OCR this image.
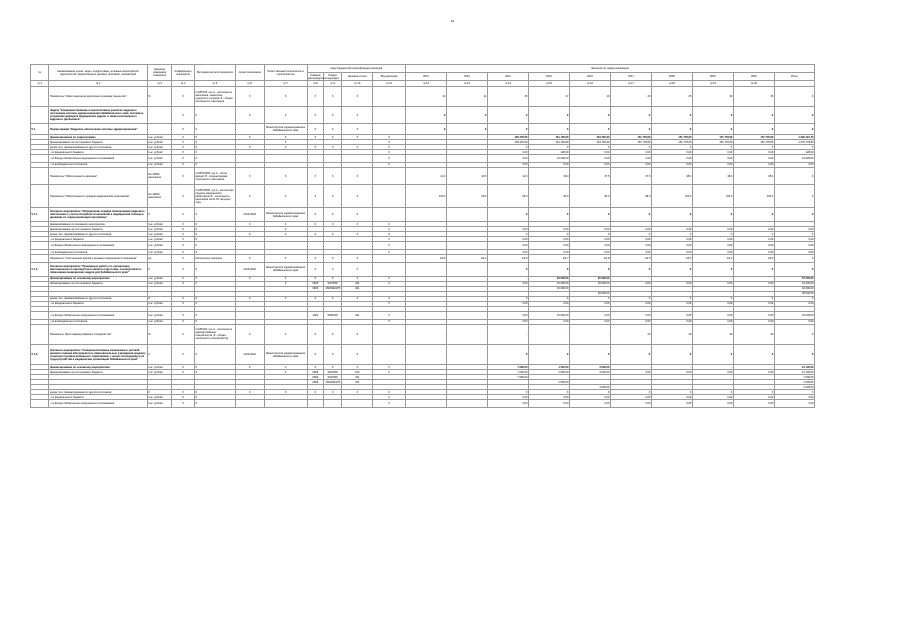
22
№	Наименование целей, задач, подпрограмм, основных мероприятий, мероприятий, ведомственных целевых программ, показателей	Единица измерения показателя	Коэффициент значимости	Методика расчета показателя	Сроки реализации	Ответственный исполнитель и соисполнитель	Коды бюджетной классификации расходов				Значения по годам реализации									
							Главный распорядитель	Раздел подраздел	Целевая статья	Вид расходов	2012	2013	2014	2015	2016	2017	2018	2019	2020	Итого

гр.1	гр.2	гр.3	гр.4	гр.5	гр.6	гр.7	гр.8	гр.9	гр.10	гр.11	гр.12	гр.13	гр.14	гр.15	гр.16	гр.17	гр.18	гр.19	гр.20	
	Показатель "Охват санаторно-курортным лечением пациентов"	%	Х	t=A/B*100, где A - численность населения, санаторно-курортного лечения, В - общая численность населения	Х	Х	Х	Х	Х		10	11	15	17	19	20	25	30	45	Х
	Задача "Совершенствование и перспективное развитие кадрового потенциала системы здравоохранения Забайкальского края, поэтапное устранение дефицита медицинских кадров, а также регионального кадрового дисбаланса"		Х	Х	Х	Х	Х	Х	Х		Х	Х	Х	Х	Х	Х	Х	Х	Х	Х
5.1.	Подпрограмма "Кадровое обеспечение системы здравоохранения"		Х	Х		Министерство здравоохранения Забайкальского края	Х	Х	Х		Х	Х	Х	Х	Х	Х	Х	Х	Х	Х
	финансирование по подпрограмме	тыс. рублей	Х	Х	Х	Х	Х	Х	Х	Х			159 378,60	161 165,80	164 706,30	151 778,60	151 778,60	151 778,60	151 778,60	1 092 401,70
	финансирование за счет краевого бюджета	тыс. рублей	Х	Х		Х				Х			159 378,60	161 165,80	164 706,30	151 778,60	151 778,60	151 778,60	151 778,60	1 076 778,80
	кроме того, финансирование из других источников:	тыс. рублей	Х	Х	Х	Х	Х	Х	Х	Х			Х	Х	Х	Х	Х	Х	Х	Х
	- из федерального бюджета	тыс. рублей	Х	Х						Х			0,00	128,00	0,00	0,00	0,00	0,00	0,00	128,00
	- из Фонда обязательного медицинского страхования	тыс. рублей	Х	Х						Х			0,00	14 000,00	0,00	0,00	0,00	0,00	0,00	14 000,00
	- из внебюджетных источников	тыс. рублей	Х	Х						Х			0,00	0,00	0,00	0,00	0,00	0,00	0,00	0,00
	Показатель "Обеспеченность врачами"	На 10000 населения	Х	t=A/B*10000, где A - число врачей, B - среднегодовая численность населения	Х	Х	Х	Х	Х		42,0	43,5	42,0	36,9	37,5	37,5	38,3	38,3	38,3	Х
	Показатель "Обеспеченность средним медицинским персоналом"	На 10000 населения	Х	t=A/B*10000, где A - количество средних медицинских работников, B - численность населения на 01.01 текущего года	Х	Х	Х	Х	Х		100,3	99,4	95,0	95,0	96,0	98,0	100,0	100,0	100,0	Х
5.1.1.	Основное мероприятие "Определение порядка планирования кадрового обеспечения с учетом потребности населения в медицинской помощи в динамике по годам реализации программы"	Х	Х	Х	2014-2020	Министерство здравоохранения Забайкальского края	Х	Х	Х				Х	Х	Х	Х	Х	Х	Х	Х
	финансирование по основному мероприятию	тыс. рублей	Х	Х	Х	Х	Х	Х	Х	Х										
	финансирование за счет краевого бюджета	тыс. рублей	Х	Х		Х				Х			0,00	0,00	0,00	0,00	0,00	0,00	0,00	0,00
	кроме того, финансирование из других источников:	тыс. рублей	Х	Х	Х	Х	Х	Х	Х	Х			Х	Х	Х	Х	Х	Х	Х	Х
	- из федерального бюджета	тыс. рублей	Х	Х						Х			0,00	0,00	0,00	0,00	0,00	0,00	0,00	0,00
	- из Фонда обязательного медицинского страхования	тыс. рублей	Х	Х						Х			0,00	0,00	0,00	0,00	0,00	0,00	0,00	0,00
	- из внебюджетных источников	тыс. рублей	Х	Х						Х			0,00	0,00	0,00	0,00	0,00	0,00	0,00	0,00
	Показатель "Соотношение врачей и среднего медицинского персонала"	ед.	Х	Абсолютное значение	Х	Х	Х	Х	Х		1/2,6	1/2,4	1/2,6	1/2,7	1/2,8	1/2,9	1/3,0	1/3,0	1/3,0	Х
5.1.2.	Основное мероприятие "Проведение работы по организации многоканального партнерства в области подготовки, послевузовского образования медицинских кадров для Забайкальского края"	Х	Х	Х	2014-2020	Министерство здравоохранения Забайкальского края	Х	Х	Х				Х	Х	Х	Х	Х	Х	Х	Х
	финансирование по основному мероприятию	тыс. рублей	Х	Х	Х	Х	Х	Х	Х	Х			-	32 000,00	25 000,00	-	-	-	-	57 000,00
	финансирование за счет краевого бюджета	тыс. рублей	Х	Х		Х	0909	5227800	321	Х			0,00	16 000,00	25 000,00	0,00	0,00	0,00	0,00	41 000,00
							0909	1660302178	321					16 000,00						16 000,00
															25 000,00					25 000,00
	кроме того, финансирование из других источников:	Х	Х	Х	Х	Х	Х	Х	Х	Х			Х	Х	Х	Х	Х	Х	Х	Х
	- из федерального бюджета	тыс. рублей	Х	Х						Х			0,00	0,00	0,00	0,00	0,00	0,00	0,00	0,00

	- из Фонда обязательного медицинского страхования	тыс. рублей	Х	Х			1002	5055136	321	Х			0,00	16 000,00	0,00	0,00	0,00	0,00	0,00	16 000,00
	- из внебюджетных источников	тыс. рублей	Х	Х						Х			0,00	0,00	0,00	0,00	0,00	0,00	0,00	0,00
	Показатель "Доля аккредитованных специалистов"	%	Х	t=A/B*100, где A - численность аккредитованных специалистов, B - общая численность специалистов	Х	Х	Х	Х	Х		-	-	-	-	-	20	40	40	40	Х
5.1.3.	Основное мероприятие "Совершенствование механизмов и условий целевого приема абитуриентов в образовательные учреждения среднего и высшего профессионального образования, с целью последующего их трудоустройства в медицинские организации Забайкальского края"	Х	Х	Х	2014-2020	Министерство здравоохранения Забайкальского края	Х	Х	Х				Х	Х	Х	Х	Х	Х	Х	Х
	финансирование по основному мероприятию:	тыс. рублей	Х	Х	Х	Х	Х	Х	Х	Х			7 600,00	1 500,00	3 000,00	-	-	-	-	12 100,00
	финансирование за счет краевого бюджета	тыс. рублей	Х	Х		Х	0909	5227800	612	Х			7 600,00	1 500,00	3 000,00	0,00	0,00	0,00	0,00	12 100,00
							0909	5227800	321				7 600,00							7 600,00
							0909	1660302178	321					1 500,00						1 500,00
															3 000,00					3 000,00
	кроме того, финансирование из других источников:	Х	Х	Х	Х	Х	Х	Х	Х	Х			Х	Х	Х	Х	Х	Х	Х	Х
	- из федерального бюджета	тыс. рублей	Х	Х						Х			0,00	0,00	0,00	0,00	0,00	0,00	0,00	0,00
	- из Фонда обязательного медицинского страхования	тыс. рублей	Х	Х						Х			0,00	0,00	0,00	0,00	0,00	0,00	0,00	0,00
